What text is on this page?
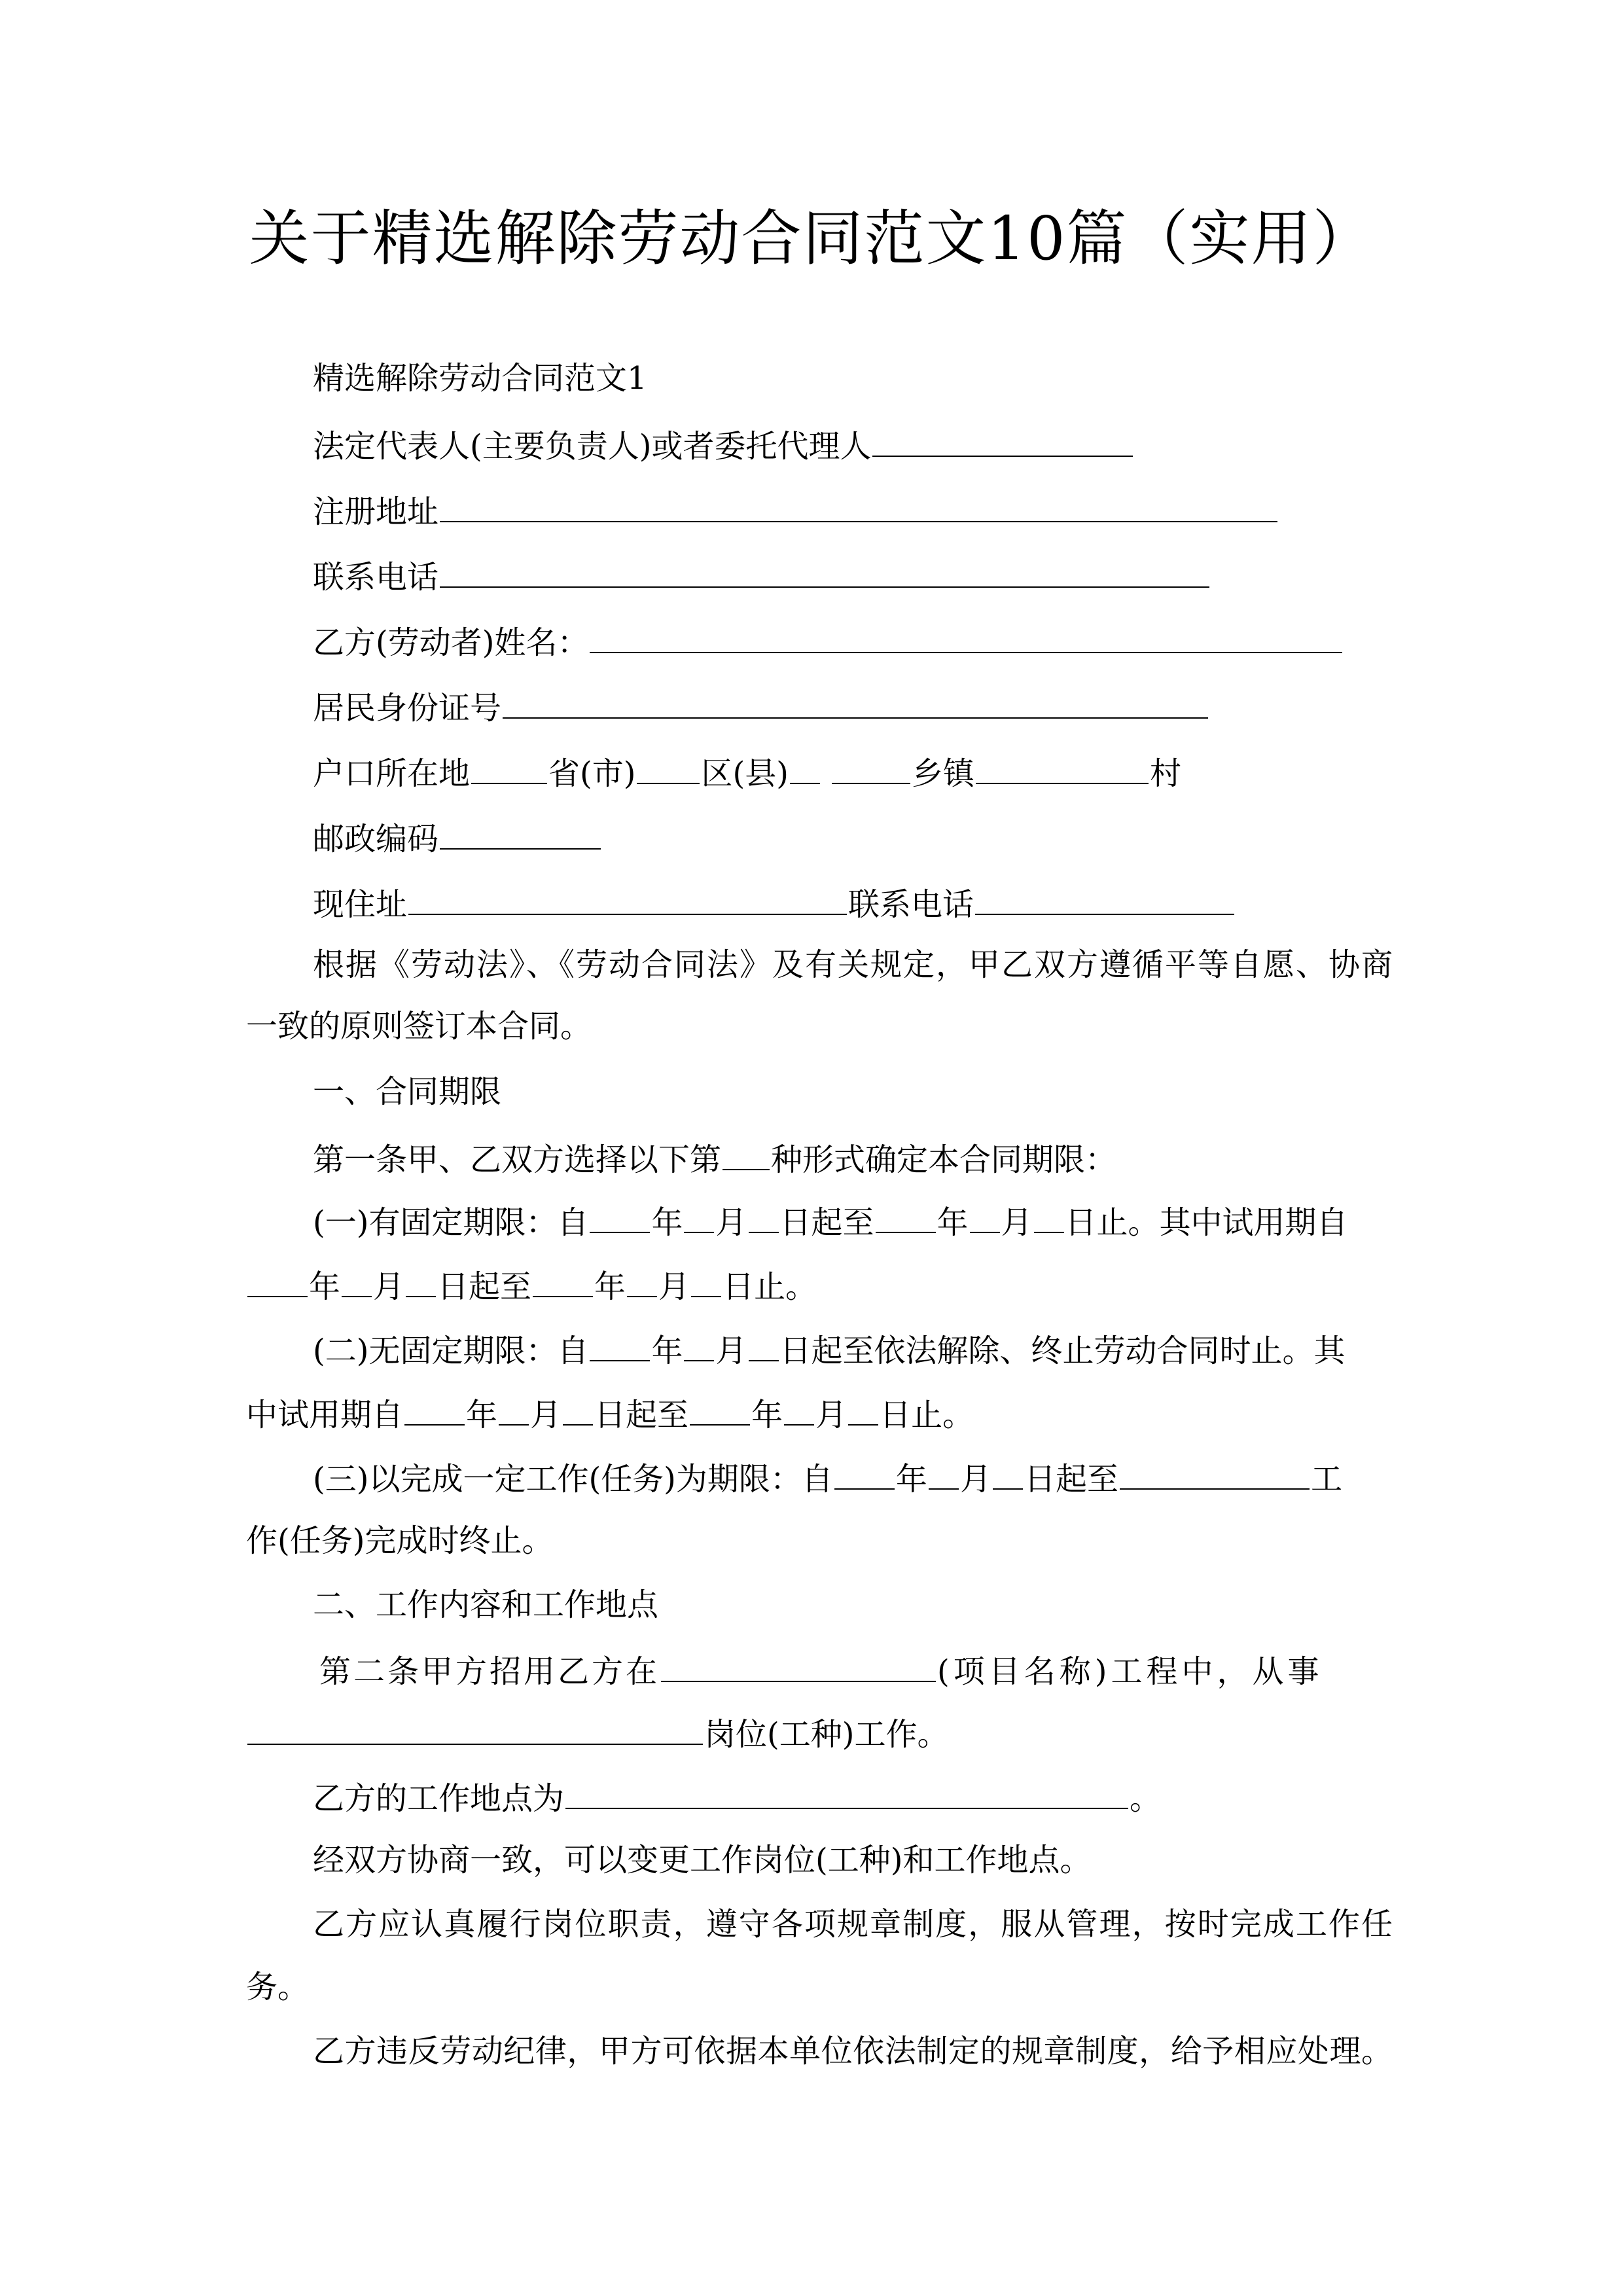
关于精选解除劳动合同范文10篇（实用）
精选解除劳动合同范文1
法定代表人(主要负责人)或者委托代理人
注册地址
联系电话
乙方(劳动者)姓名：
居民身份证号
户口所在地	省(市) 区(县)	乡镇	村
邮政编码
现住址	联系电话
根据《劳动法》、《劳动合同法》及有关规定，甲乙双方遵循平等自愿、协商
一致的原则签订本合同。
一、合同期限
第一条甲、乙双方选择以下第 种形式确定本合同期限：
(一)有固定期限：自 年 月 日起至 年 月 日止。其中试用期自
年 月 日起至 年 月 日止。
(二)无固定期限：自 年 月 日起至依法解除、终止劳动合同时止。其
中试用期自 年 月 日起至 年 月 日止。
(三)以完成一定工作(任务)为期限：自 年 月 日起至	工
作(任务)完成时终止。
二、工作内容和工作地点
第二条甲方招用乙方在	(项目名称)工程中，从事
岗位(工种)工作。
乙方的工作地点为	。
经双方协商一致，可以变更工作岗位(工种)和工作地点。
乙方应认真履行岗位职责，遵守各项规章制度，服从管理，按时完成工作任
务。
乙方违反劳动纪律，甲方可依据本单位依法制定的规章制度，给予相应处理。
